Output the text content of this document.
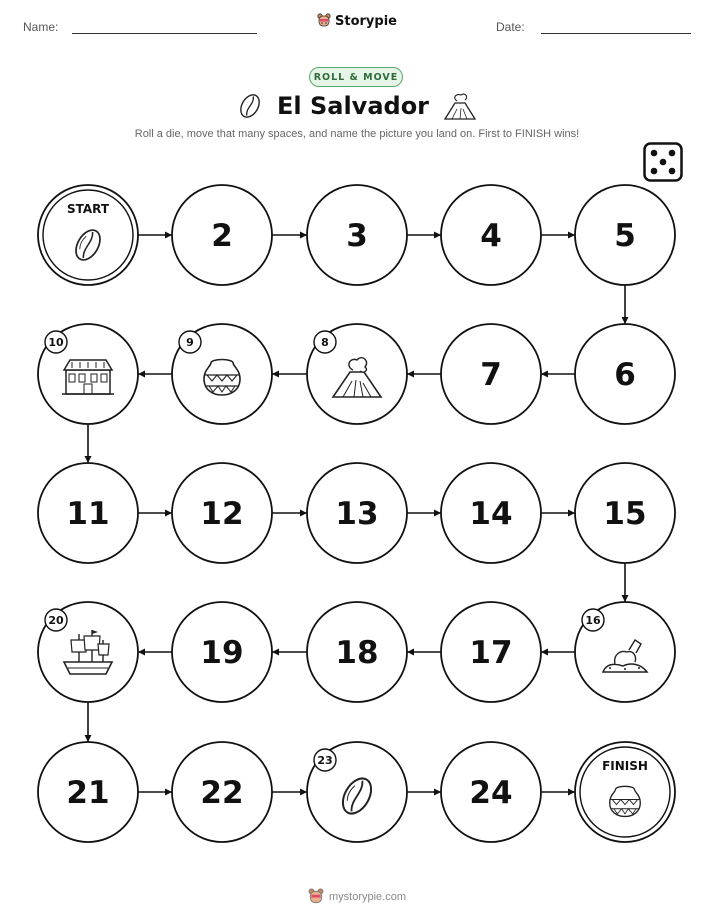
Name:	Storypie	Date:
ROLL & MOVE
El Salvador
Roll a die, move that many spaces, and name the picture you land on. First to FINISH wins!
START
2	3	4	5
6
7
8
9
10
11	12	13	14	15
16
17
18
19
20
21	22
23
24
FINISH
mystorypie.com
